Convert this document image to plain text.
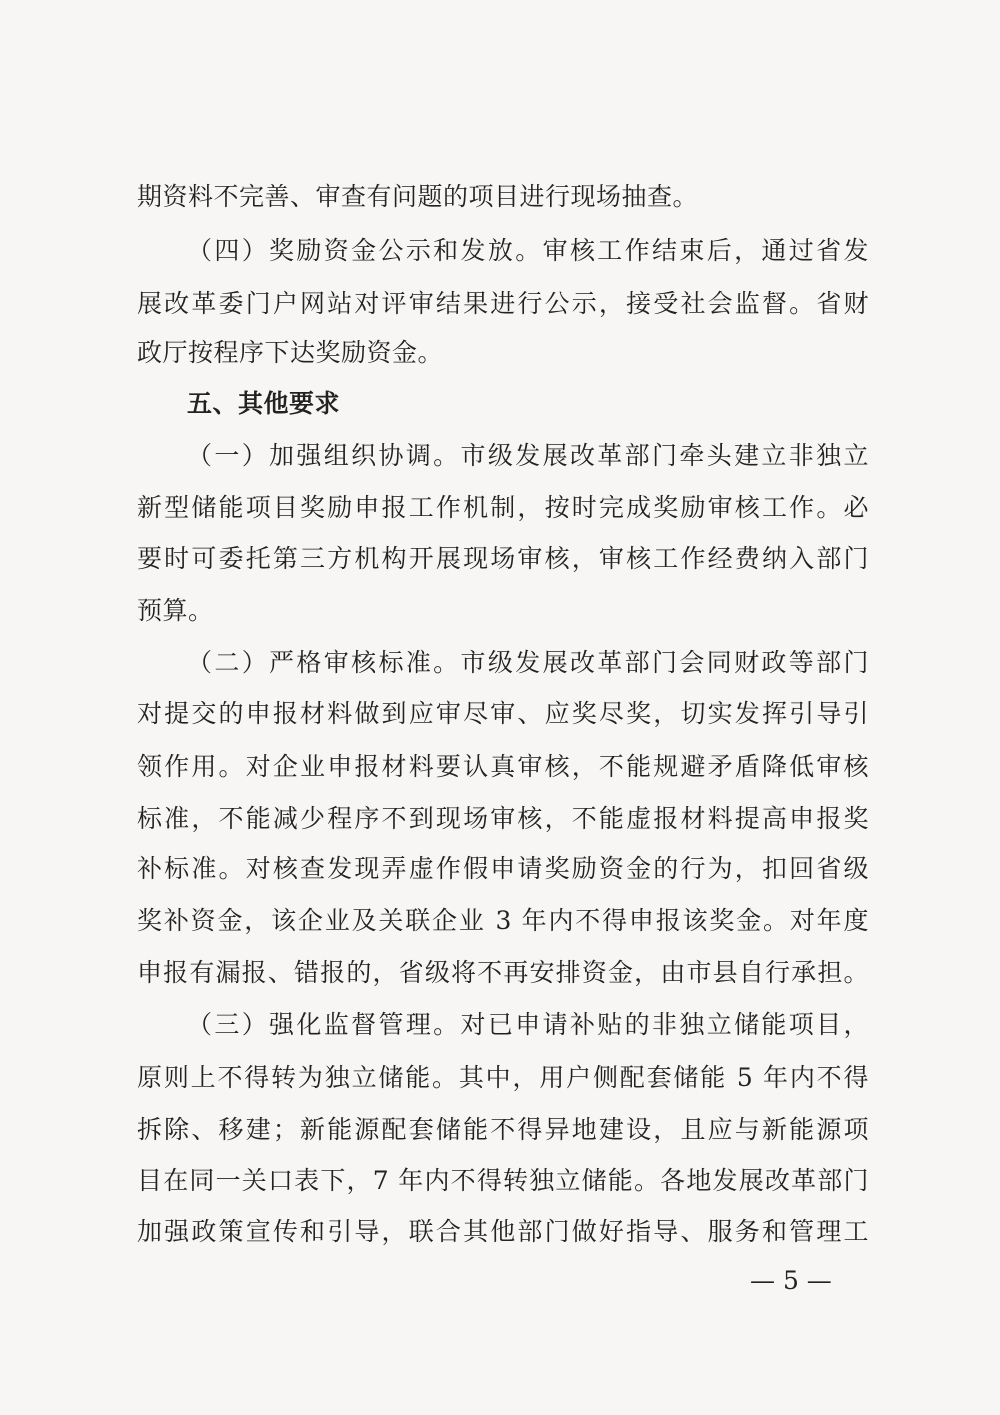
— 5 —
期资料不完善、审查有问题的项目进行现场抽查。
（四）奖励资金公示和发放。审核工作结束后，通过省发
展改革委门户网站对评审结果进行公示，接受社会监督。省财
政厅按程序下达奖励资金。
五、其他要求
（一）加强组织协调。市级发展改革部门牵头建立非独立
新型储能项目奖励申报工作机制，按时完成奖励审核工作。必
要时可委托第三方机构开展现场审核，审核工作经费纳入部门
预算。
（二）严格审核标准。市级发展改革部门会同财政等部门
对提交的申报材料做到应审尽审、应奖尽奖，切实发挥引导引
领作用。对企业申报材料要认真审核，不能规避矛盾降低审核
标准，不能减少程序不到现场审核，不能虚报材料提高申报奖
补标准。对核查发现弄虚作假申请奖励资金的行为，扣回省级
奖补资金，该企业及关联企业 3 年内不得申报该奖金。对年度
申报有漏报、错报的，省级将不再安排资金，由市县自行承担。
（三）强化监督管理。对已申请补贴的非独立储能项目，
原则上不得转为独立储能。其中，用户侧配套储能 5 年内不得
拆除、移建；新能源配套储能不得异地建设，且应与新能源项
目在同一关口表下，7 年内不得转独立储能。各地发展改革部门
加强政策宣传和引导，联合其他部门做好指导、服务和管理工
